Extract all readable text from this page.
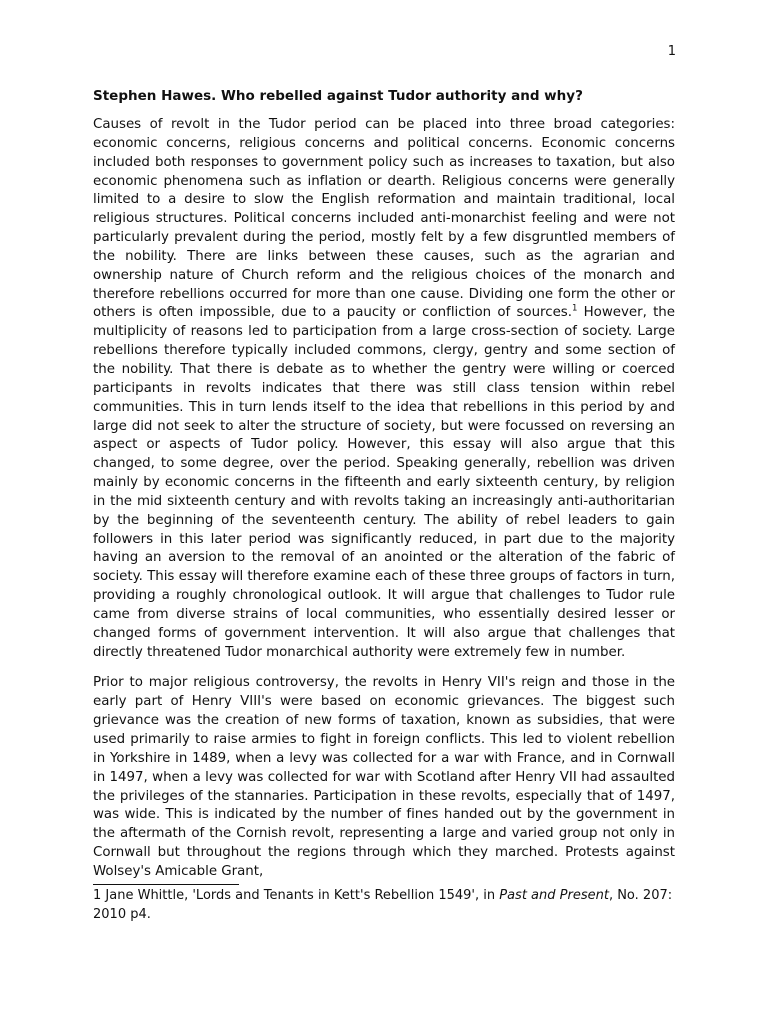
1
Stephen Hawes. Who rebelled against Tudor authority and why?

Causes of revolt in the Tudor period can be placed into three broad categories: economic concerns, religious concerns and political concerns. Economic concerns included both responses to government policy such as increases to taxation, but also economic phenomena such as inflation or dearth. Religious concerns were generally limited to a desire to slow the English reformation and maintain traditional, local religious structures. Political concerns included anti-monarchist feeling and were not particularly prevalent during the period, mostly felt by a few disgruntled members of the nobility. There are links between these causes, such as the agrarian and ownership nature of Church reform and the religious choices of the monarch and therefore rebellions occurred for more than one cause. Dividing one form the other or others is often impossible, due to a paucity or confliction of sources.$^1$ However, the multiplicity of reasons led to participation from a large cross-section of society. Large rebellions therefore typically included commons, clergy, gentry and some section of the nobility. That there is debate as to whether the gentry were willing or coerced participants in revolts indicates that there was still class tension within rebel communities. This in turn lends itself to the idea that rebellions in this period by and large did not seek to alter the structure of society, but were focussed on reversing an aspect or aspects of Tudor policy. However, this essay will also argue that this changed, to some degree, over the period. Speaking generally, rebellion was driven mainly by economic concerns in the fifteenth and early sixteenth century, by religion in the mid sixteenth century and with revolts taking an increasingly anti-authoritarian by the beginning of the seventeenth century. The ability of rebel leaders to gain followers in this later period was significantly reduced, in part due to the majority having an aversion to the removal of an anointed or the alteration of the fabric of society. This essay will therefore examine each of these three groups of factors in turn, providing a roughly chronological outlook. It will argue that challenges to Tudor rule came from diverse strains of local communities, who essentially desired lesser or changed forms of government intervention. It will also argue that challenges that directly threatened Tudor monarchical authority were extremely few in number.

Prior to major religious controversy, the revolts in Henry VII's reign and those in the early part of Henry VIII's were based on economic grievances. The biggest such grievance was the creation of new forms of taxation, known as subsidies, that were used primarily to raise armies to fight in foreign conflicts. This led to violent rebellion in Yorkshire in 1489, when a levy was collected for a war with France, and in Cornwall in 1497, when a levy was collected for war with Scotland after Henry VII had assaulted the privileges of the stannaries. Participation in these revolts, especially that of 1497, was wide. This is indicated by the number of fines handed out by the government in the aftermath of the Cornish revolt, representing a large and varied group not only in Cornwall but throughout the regions through which they marched. Protests against Wolsey's Amicable Grant,

1 Jane Whittle, 'Lords and Tenants in Kett's Rebellion 1549', in Past and Present, No. 207: 2010 p4.
